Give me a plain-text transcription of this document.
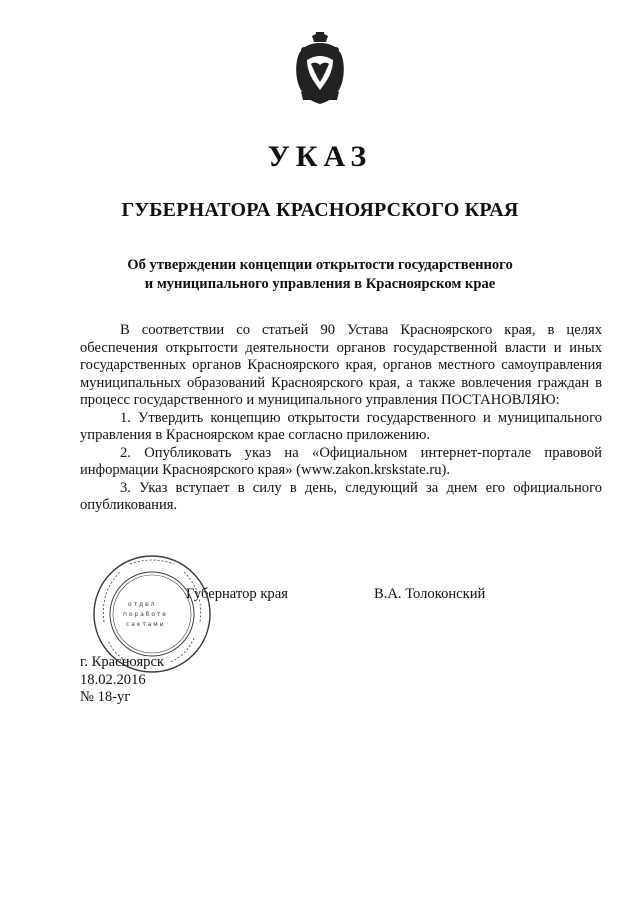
УКАЗ
ГУБЕРНАТОРА КРАСНОЯРСКОГО КРАЯ
Об утверждении концепции открытости государственного
и муниципального управления в Красноярском крае

В соответствии со статьей 90 Устава Красноярского края, в целях обеспечения открытости деятельности органов государственной власти и иных государственных органов Красноярского края, органов местного самоуправления муниципальных образований Красноярского края, а также вовлечения граждан в процесс государственного и муниципального управления ПОСТАНОВЛЯЮ:

1. Утвердить концепцию открытости государственного и муниципального управления в Красноярском крае согласно приложению.

2. Опубликовать указ на «Официальном интернет-портале правовой информации Красноярского края» (www.zakon.krskstate.ru).

3. Указ вступает в силу в день, следующий за днем его официального опубликования.

Губернатор края	В.А. Толоконский
г. Красноярск
18.02.2016
№ 18-уг
о т д е л
п о р а б о т е
с а к т а м и
